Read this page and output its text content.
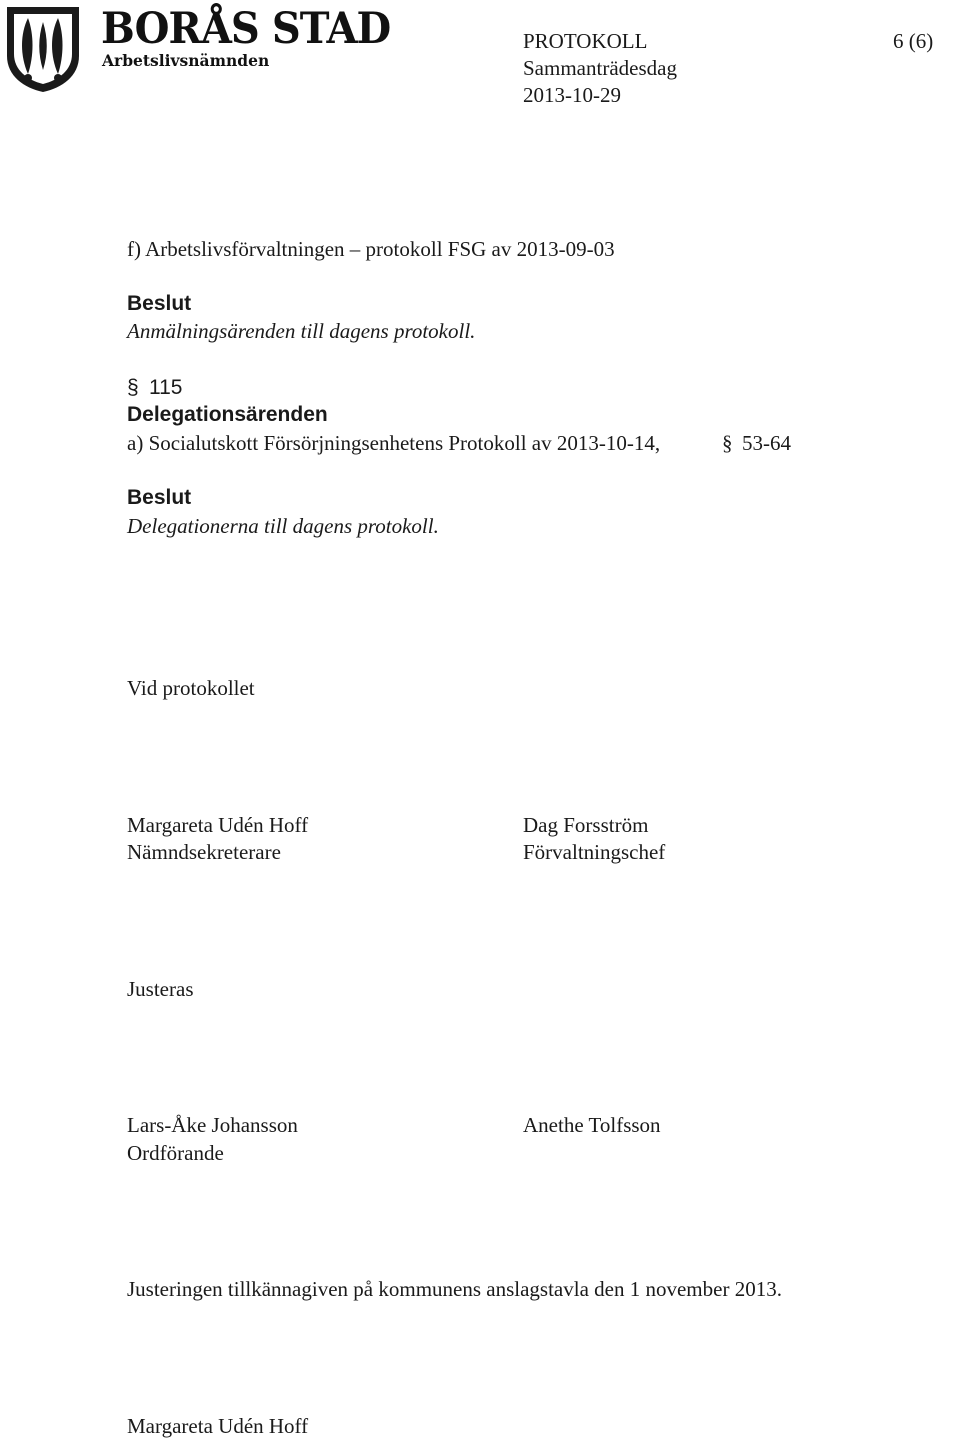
BORÅS STAD
Arbetslivsnämnden
PROTOKOLL	6 (6)
Sammanträdesdag
2013-10-29
f) Arbetslivsförvaltningen – protokoll FSG av 2013-09-03
Beslut
Anmälningsärenden till dagens protokoll.
§ 115
Delegationsärenden
a) Socialutskott Försörjningsenhetens Protokoll av 2013-10-14,	§ 53-64
Beslut
Delegationerna till dagens protokoll.
Vid protokollet
Margareta Udén Hoff
Nämndsekreterare
Dag Forsström
Förvaltningschef
Justeras
Lars-Åke Johansson
Ordförande
Anethe Tolfsson
Justeringen tillkännagiven på kommunens anslagstavla den 1 november 2013.
Margareta Udén Hoff
